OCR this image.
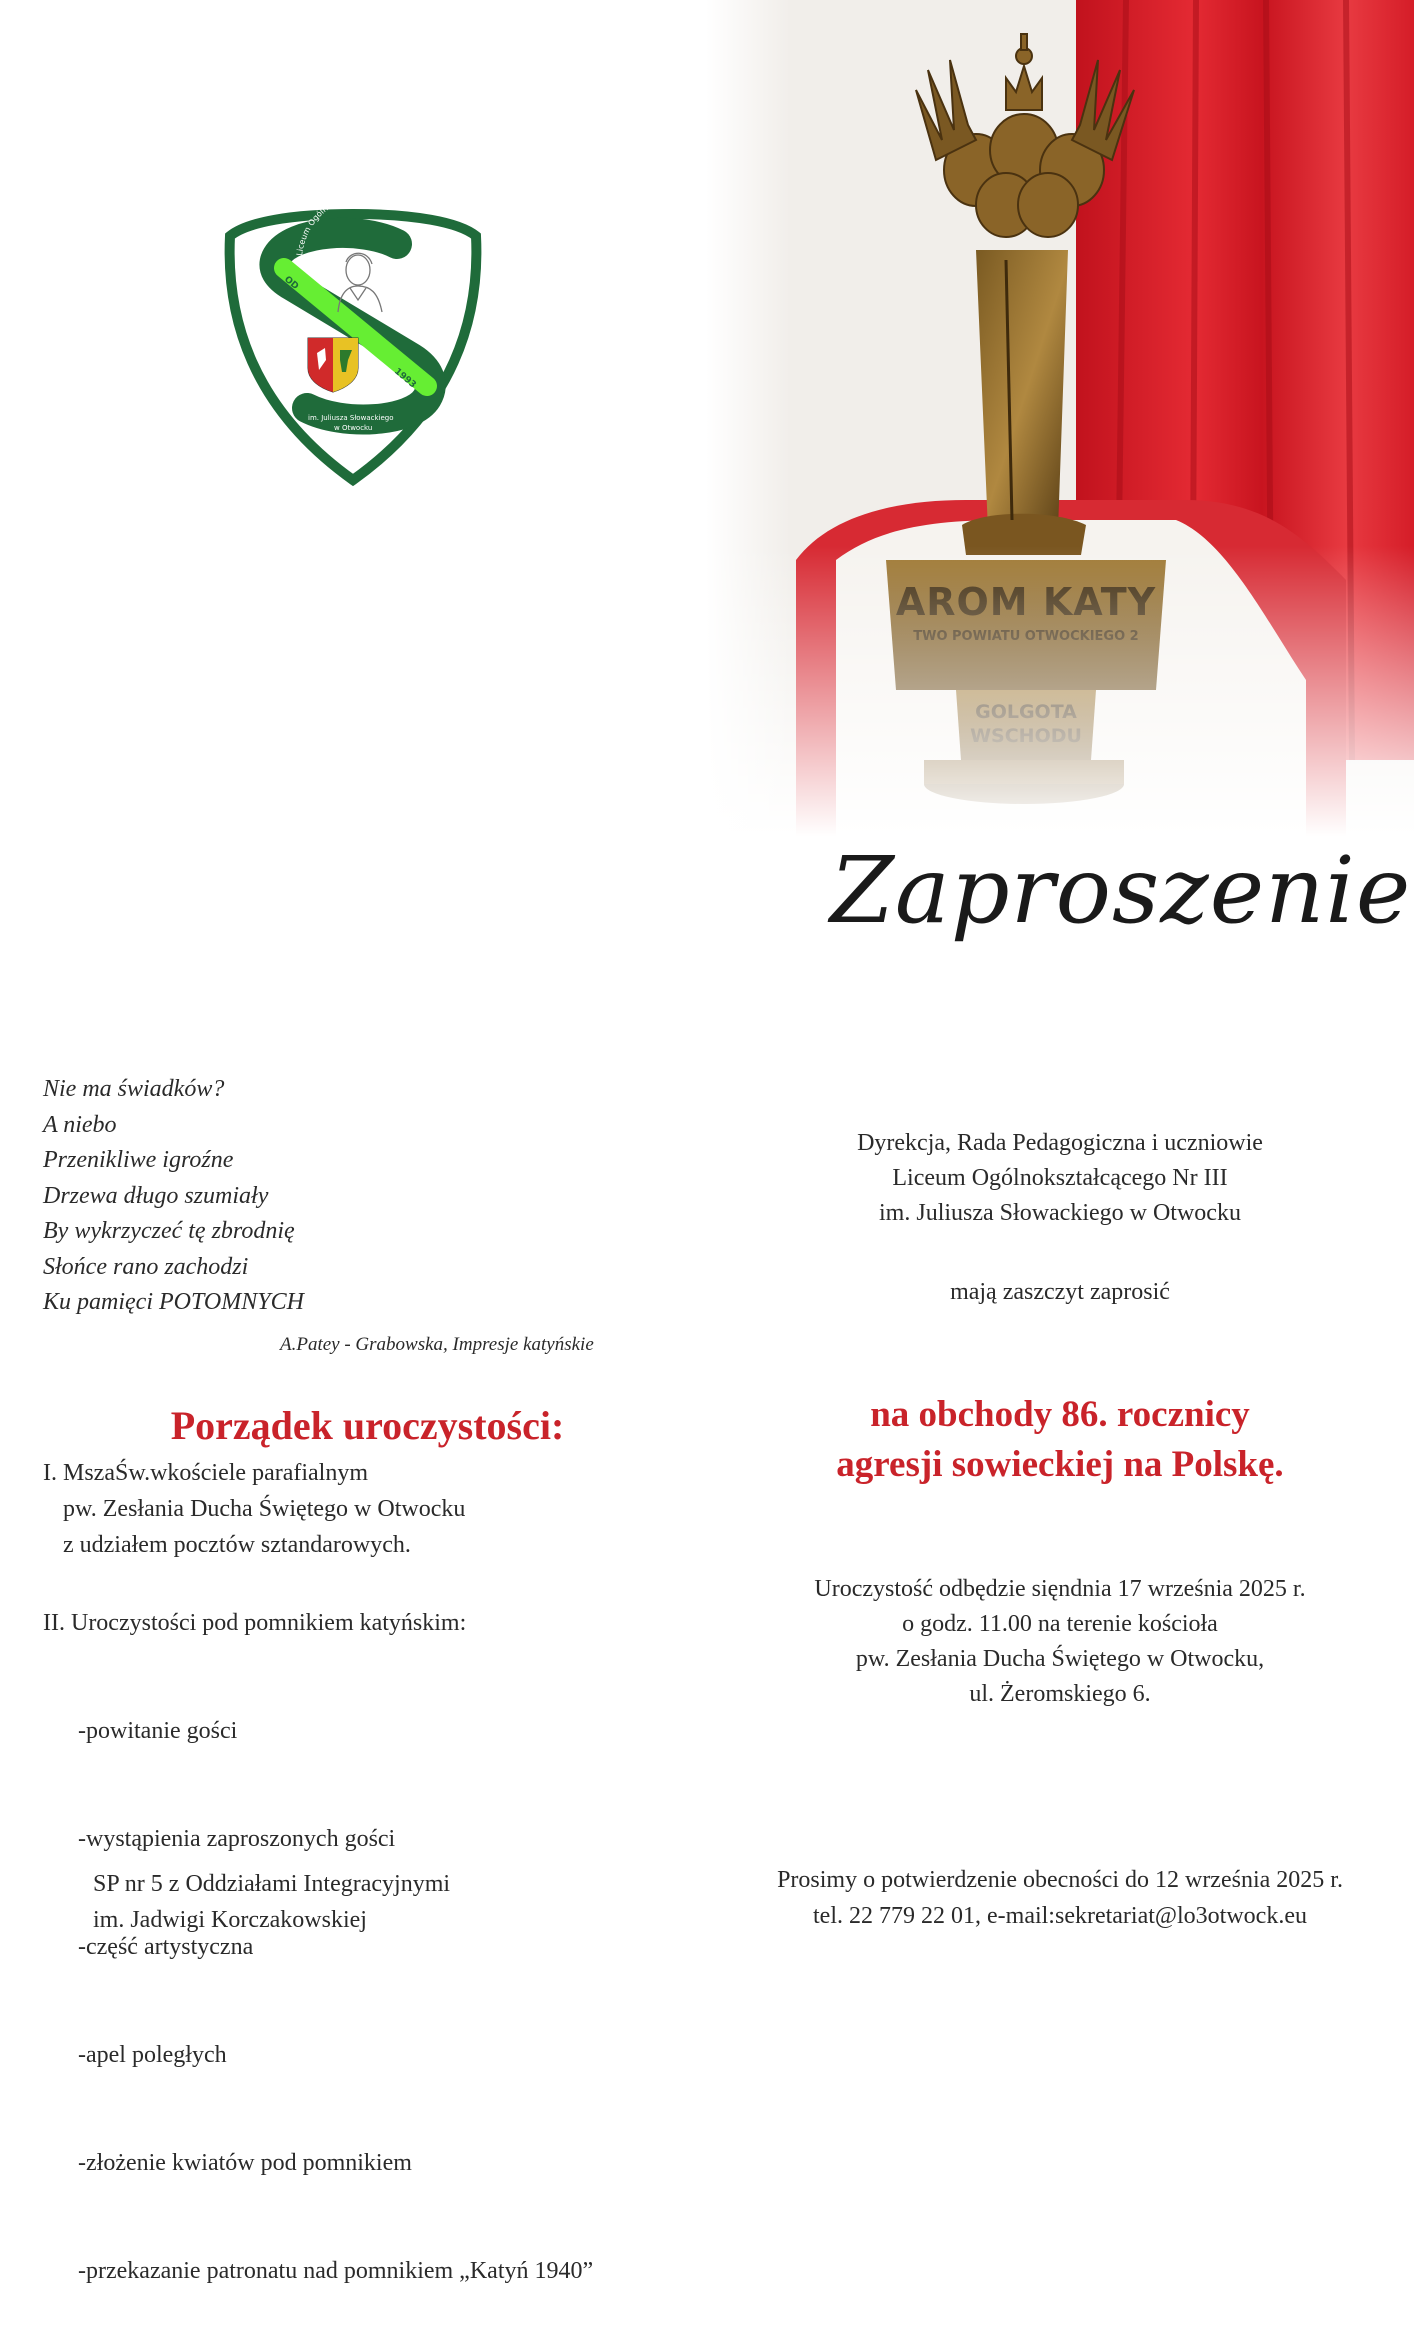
Liceum Ogóln
im. Juliusza Słowackiego
w Otwocku
OD
1993
Zaproszenie
Nie ma świadków?
A niebo
Przenikliwe igroźne
Drzewa długo szumiały
By wykrzyczeć tę zbrodnię
Słońce rano zachodzi
Ku pamięci POTOMNYCH
A.Patey - Grabowska, Impresje katyńskie
Porządek uroczystości:
I. MszaŚw.wkościele parafialnym
pw. Zesłania Ducha Świętego w Otwocku
z udziałem pocztów sztandarowych.
II. Uroczystości pod pomnikiem katyńskim:

-powitanie gości

-wystąpienia zaproszonych gości

-część artystyczna

-apel poległych

-złożenie kwiatów pod pomnikiem

-przekazanie patronatu nad pomnikiem „Katyń 1940”

SP nr 5 z Oddziałami Integracyjnymi
im. Jadwigi Korczakowskiej
Dyrekcja, Rada Pedagogiczna i uczniowie
Liceum Ogólnokształcącego Nr III
im. Juliusza Słowackiego w Otwocku
mają zaszczyt zaprosić
na obchody 86. rocznicy
agresji sowieckiej na Polskę.
Uroczystość odbędzie sięndnia 17 września 2025 r.
o godz. 11.00 na terenie kościoła
pw. Zesłania Ducha Świętego w Otwocku,
ul. Żeromskiego 6.
Prosimy o potwierdzenie obecności do 12 września 2025 r.
tel. 22 779 22 01, e-mail:sekretariat@lo3otwock.eu
